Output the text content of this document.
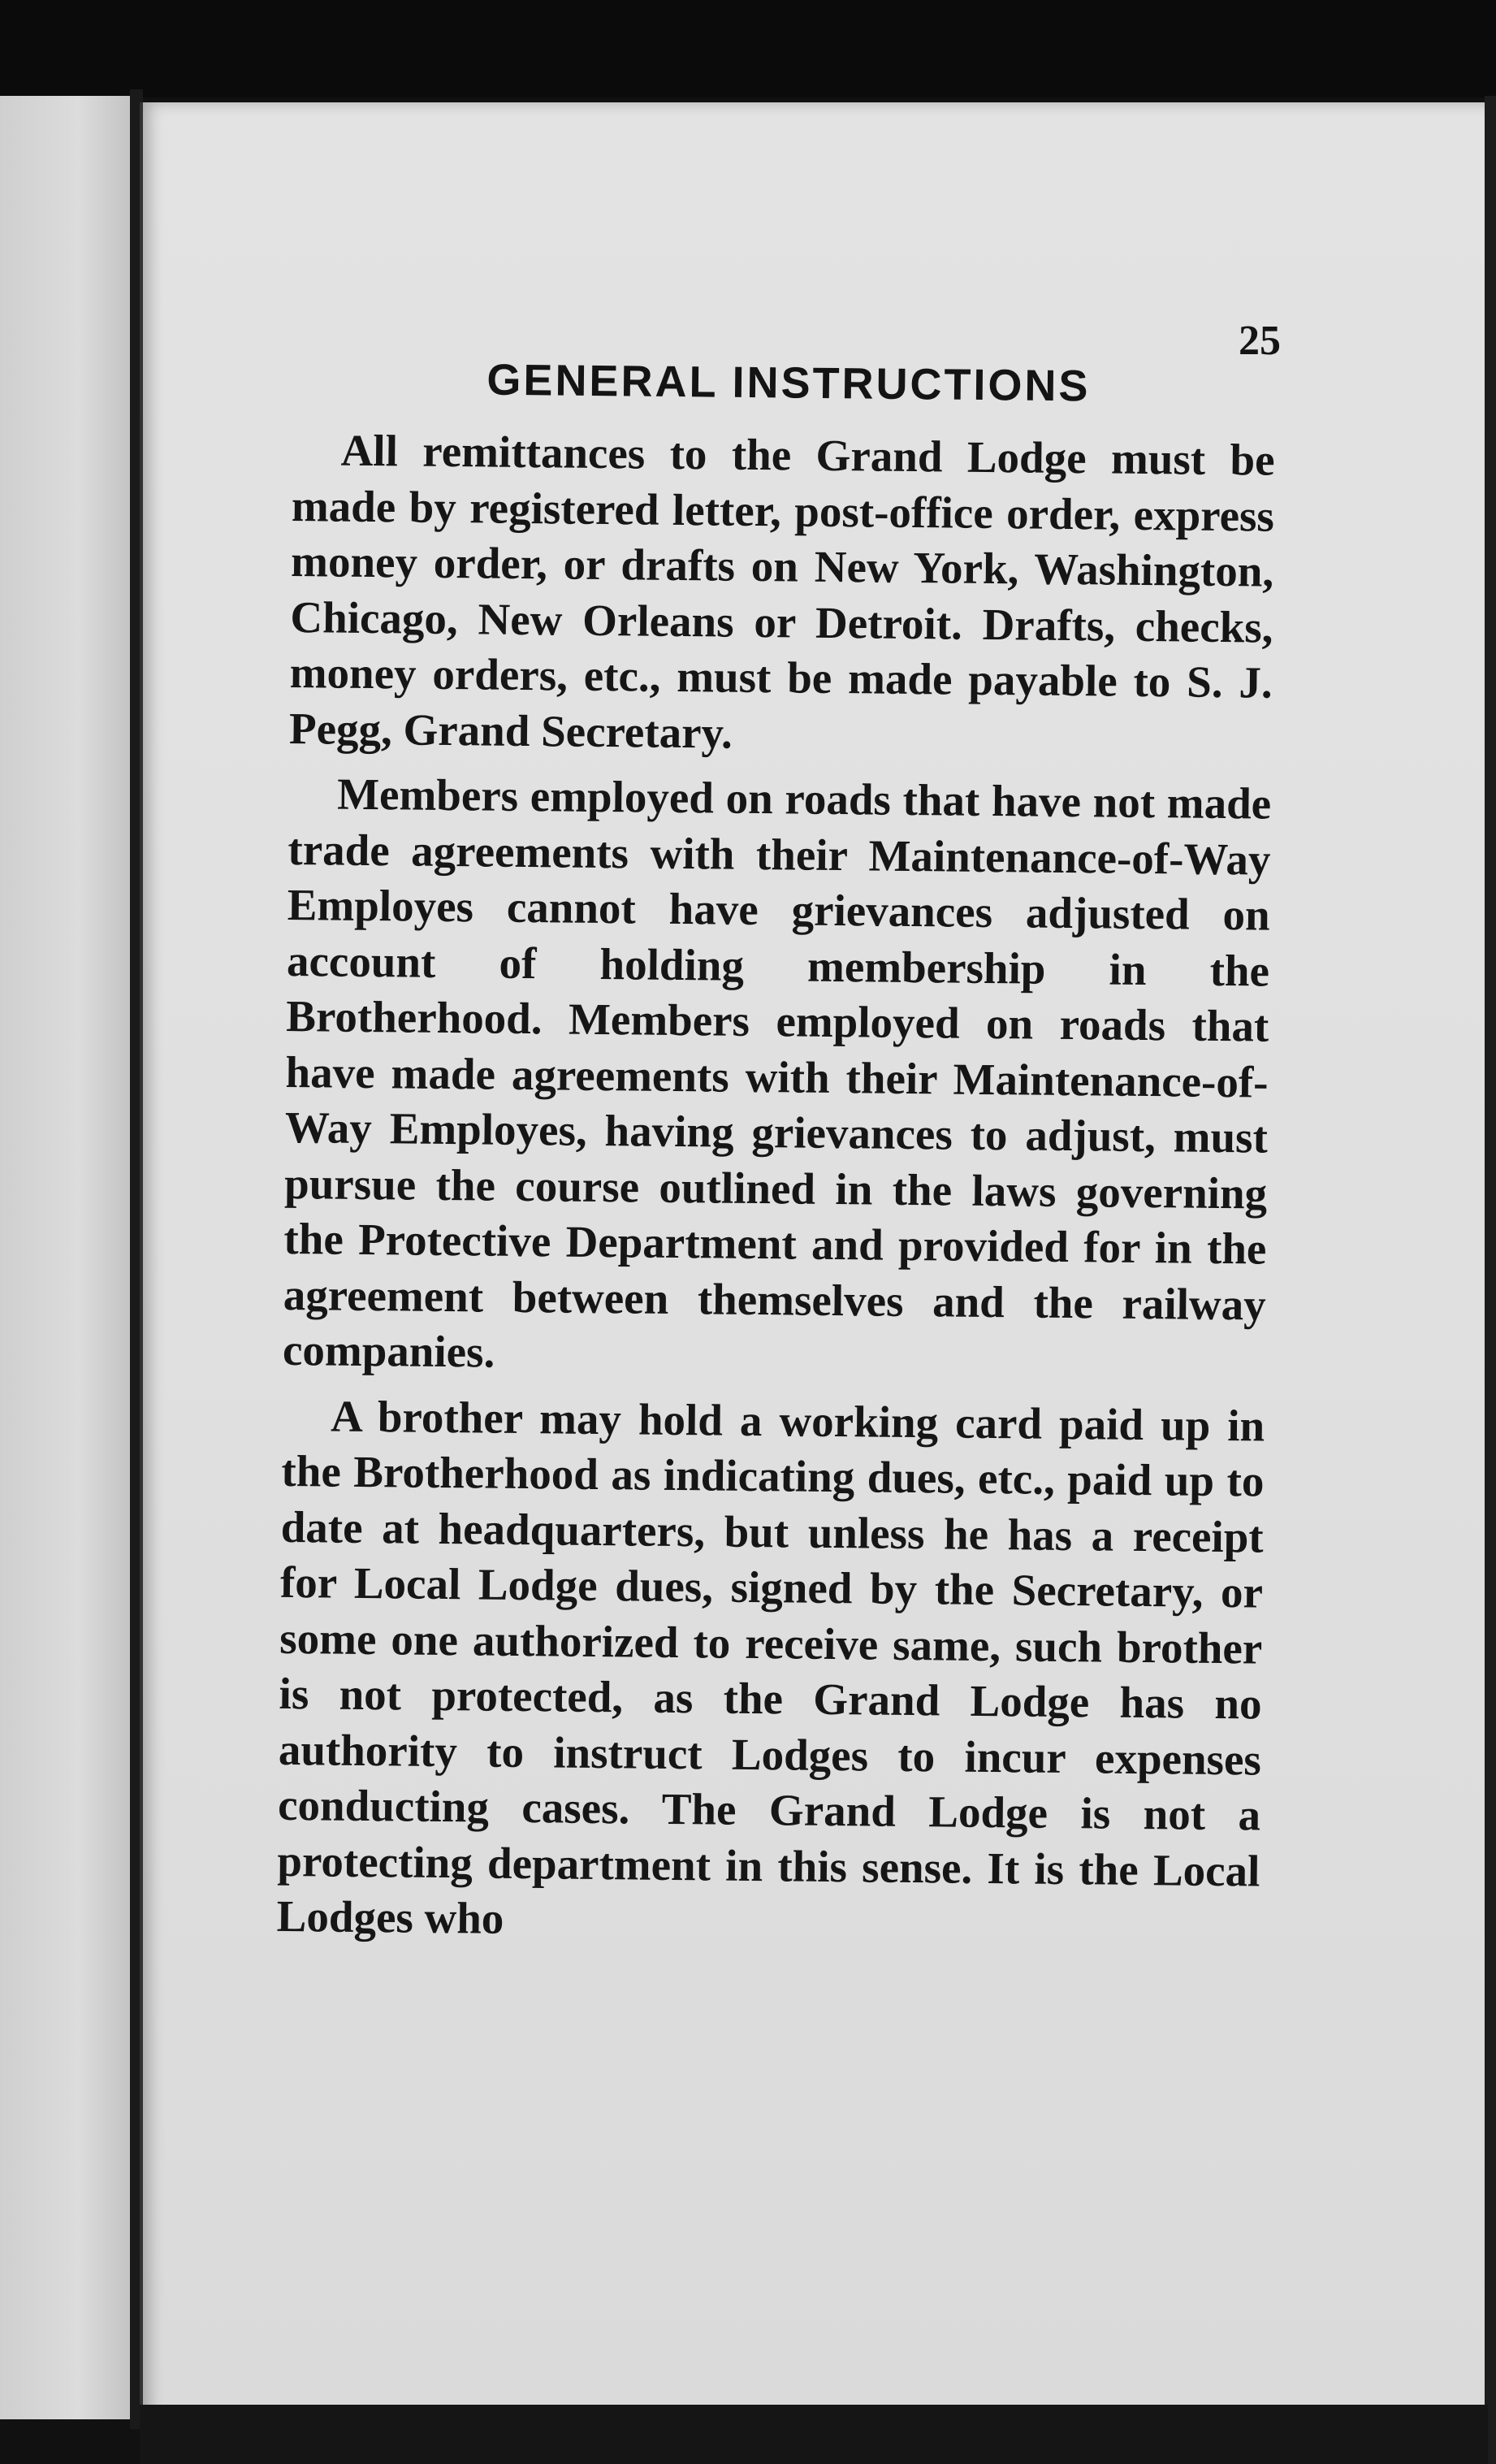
25
GENERAL INSTRUCTIONS

All remittances to the Grand Lodge must be made by registered letter, post-office order, express money order, or drafts on New York, Washington, Chicago, New Orleans or Detroit. Drafts, checks, money orders, etc., must be made payable to S. J. Pegg, Grand Secretary.

Members employed on roads that have not made trade agreements with their Maintenance-of-Way Employes cannot have grievances adjusted on account of holding membership in the Brotherhood. Members employed on roads that have made agreements with their Maintenance-of-Way Employes, having grievances to adjust, must pursue the course outlined in the laws governing the Protective Department and provided for in the agreement between themselves and the railway companies.

A brother may hold a working card paid up in the Brotherhood as indicating dues, etc., paid up to date at headquarters, but unless he has a receipt for Local Lodge dues, signed by the Secretary, or some one authorized to receive same, such brother is not protected, as the Grand Lodge has no authority to instruct Lodges to incur expenses conducting cases. The Grand Lodge is not a protecting department in this sense. It is the Local Lodges who
